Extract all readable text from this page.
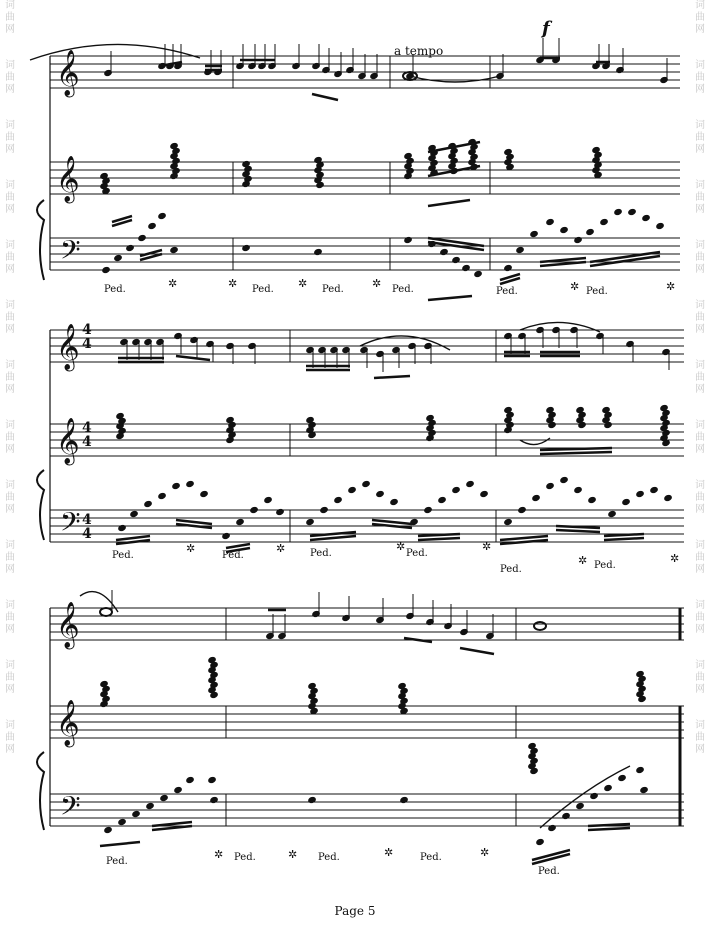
词
曲
网
词
曲
网
词
曲
网
词
曲
网
词
曲
网
词
曲
网
词
曲
网
词
曲
网
词
曲
网
词
曲
网
词
曲
网
词
曲
网
词
曲
网
词
曲
网
词
曲
网
词
曲
网
词
曲
网
词
曲
网
词
曲
网
词
曲
网
词
曲
网
词
曲
网
词
曲
网
词
曲
网
词
曲
网
词
曲
网
𝄞
𝄞
𝄢
✲	✲	✲	✲	✲	✲
𝄞
𝄞
𝄢
✲	✲	✲	✲
✲	✲
𝄞
𝄞
𝄢
✲	✲	✲	✲
a tempo
f
Ped.	Ped.	Ped.	Ped.	Ped.	Ped.
Ped.	Ped.	Ped.	Ped.
Ped.	Ped.
Ped.	Ped.	Ped.	Ped.
Ped.
4
4
4
4
4
4
Page 5
